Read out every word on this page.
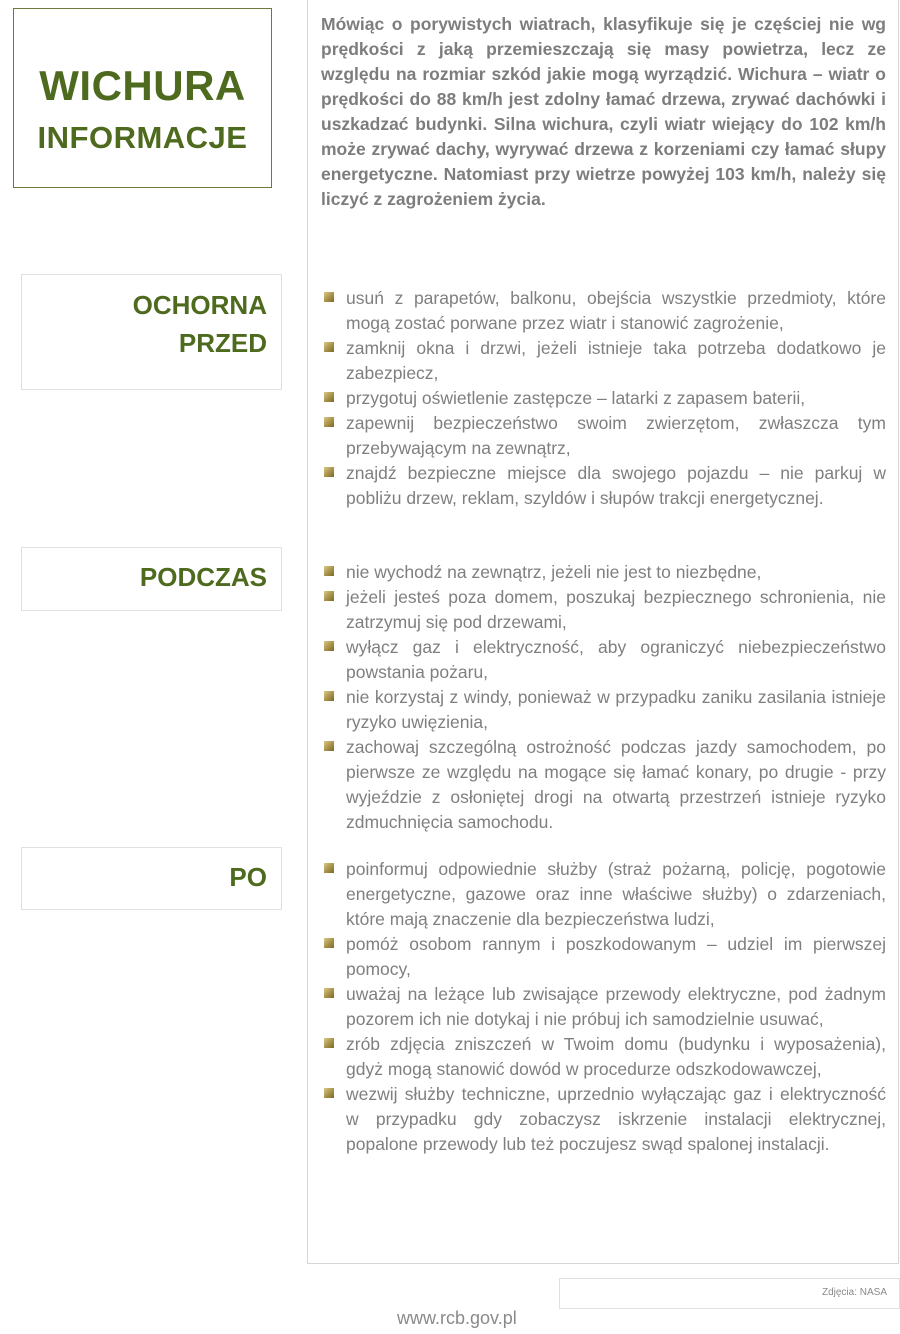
WICHURA
INFORMACJE

Mówiąc o porywistych wiatrach, klasyfikuje się je częściej nie wg prędkości z jaką przemieszczają się masy powietrza, lecz ze względu na rozmiar szkód jakie mogą wyrządzić. Wichura – wiatr o prędkości do 88 km/h jest zdolny łamać drzewa, zrywać dachówki i uszkadzać budynki. Silna wichura, czyli wiatr wiejący do 102 km/h może zrywać dachy, wyrywać drzewa z korzeniami czy łamać słupy energetyczne. Natomiast przy wietrze powyżej 103 km/h, należy się liczyć z zagrożeniem życia.

OCHORNA
PRZED
usuń z parapetów, balkonu, obejścia wszystkie przedmioty, które mogą zostać porwane przez wiatr i stanowić zagrożenie,
zamknij okna i drzwi, jeżeli istnieje taka potrzeba dodatkowo je zabezpiecz,
przygotuj oświetlenie zastępcze – latarki z zapasem baterii,
zapewnij bezpieczeństwo swoim zwierzętom, zwłaszcza tym przebywającym na zewnątrz,
znajdź bezpieczne miejsce dla swojego pojazdu – nie parkuj w pobliżu drzew, reklam, szyldów i słupów trakcji energetycznej.
PODCZAS	nie wychodź na zewnątrz, jeżeli nie jest to niezbędne,
jeżeli jesteś poza domem, poszukaj bezpiecznego schronienia, nie zatrzymuj się pod drzewami,
wyłącz gaz i elektryczność, aby ograniczyć niebezpieczeństwo powstania pożaru,
nie korzystaj z windy, ponieważ w przypadku zaniku zasilania istnieje ryzyko uwięzienia,
zachowaj szczególną ostrożność podczas jazdy samochodem, po pierwsze ze względu na mogące się łamać konary, po drugie - przy wyjeździe z osłoniętej drogi na otwartą przestrzeń istnieje ryzyko zdmuchnięcia samochodu.
PO	poinformuj odpowiednie służby (straż pożarną, policję, pogotowie energetyczne, gazowe oraz inne właściwe służby) o zdarzeniach, które mają znaczenie dla bezpieczeństwa ludzi,
pomóż osobom rannym i poszkodowanym – udziel im pierwszej pomocy,
uważaj na leżące lub zwisające przewody elektryczne, pod żadnym pozorem ich nie dotykaj i nie próbuj ich samodzielnie usuwać,
zrób zdjęcia zniszczeń w Twoim domu (budynku i wyposażenia), gdyż mogą stanowić dowód w procedurze odszkodowawczej,
wezwij służby techniczne, uprzednio wyłączając gaz i elektryczność w przypadku gdy zobaczysz iskrzenie instalacji elektrycznej, popalone przewody lub też poczujesz swąd spalonej instalacji.
Zdjęcia: NASA
www.rcb.gov.pl
